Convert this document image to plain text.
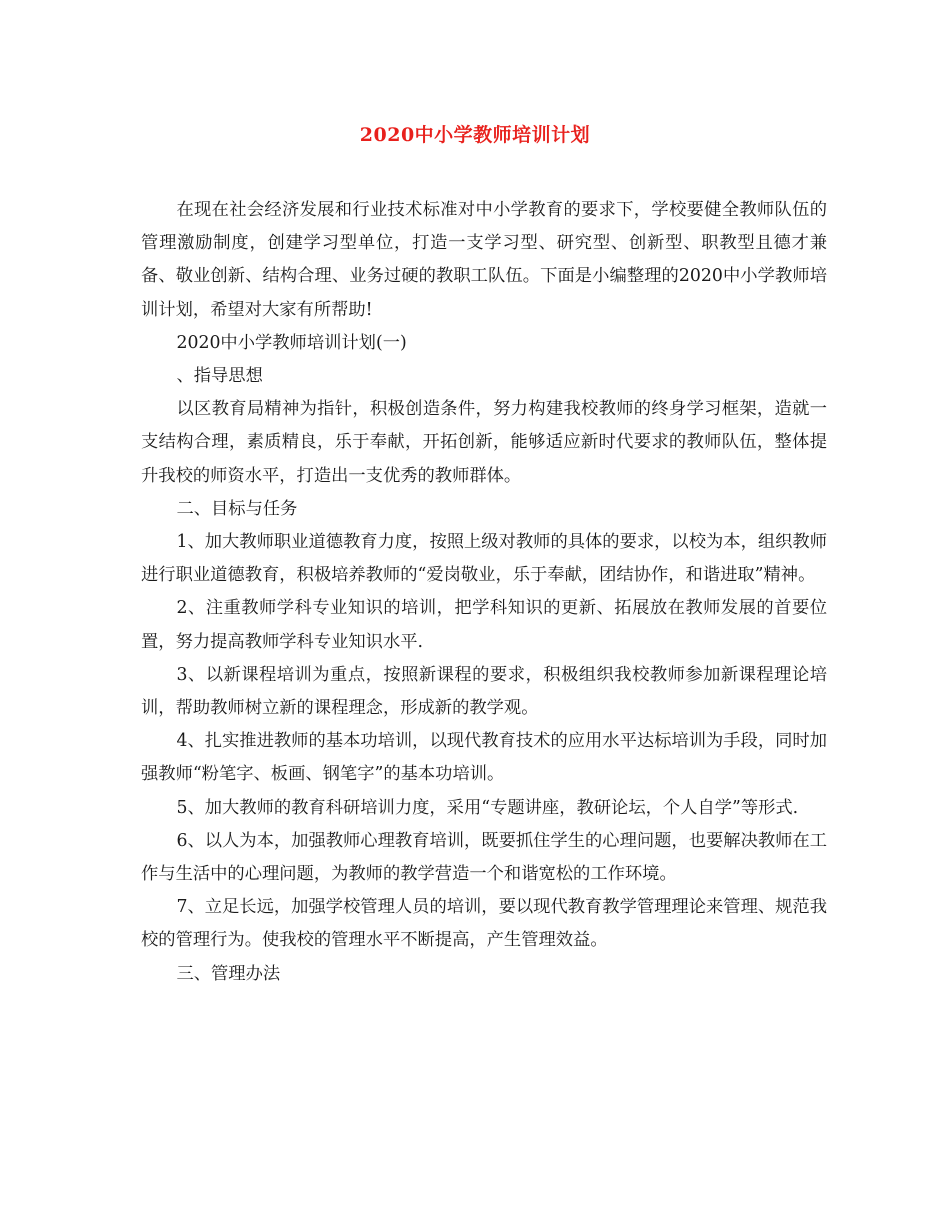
2020中小学教师培训计划

在现在社会经济发展和行业技术标准对中小学教育的要求下，学校要健全教师队伍的管理激励制度，创建学习型单位，打造一支学习型、研究型、创新型、职教型且德才兼备、敬业创新、结构合理、业务过硬的教职工队伍。下面是小编整理的2020中小学教师培训计划，希望对大家有所帮助!

2020中小学教师培训计划(一)

、指导思想

以区教育局精神为指针，积极创造条件，努力构建我校教师的终身学习框架，造就一支结构合理，素质精良，乐于奉献，开拓创新，能够适应新时代要求的教师队伍，整体提升我校的师资水平，打造出一支优秀的教师群体。

二、目标与任务

1、加大教师职业道德教育力度，按照上级对教师的具体的要求，以校为本，组织教师进行职业道德教育，积极培养教师的“爱岗敬业，乐于奉献，团结协作，和谐进取”精神。

2、注重教师学科专业知识的培训，把学科知识的更新、拓展放在教师发展的首要位置，努力提高教师学科专业知识水平.

3、以新课程培训为重点，按照新课程的要求，积极组织我校教师参加新课程理论培训，帮助教师树立新的课程理念，形成新的教学观。

4、扎实推进教师的基本功培训，以现代教育技术的应用水平达标培训为手段，同时加强教师“粉笔字、板画、钢笔字”的基本功培训。

5、加大教师的教育科研培训力度，采用“专题讲座，教研论坛，个人自学”等形式.

6、以人为本，加强教师心理教育培训，既要抓住学生的心理问题，也要解决教师在工作与生活中的心理问题，为教师的教学营造一个和谐宽松的工作环境。

7、立足长远，加强学校管理人员的培训，要以现代教育教学管理理论来管理、规范我校的管理行为。使我校的管理水平不断提高，产生管理效益。

三、管理办法
